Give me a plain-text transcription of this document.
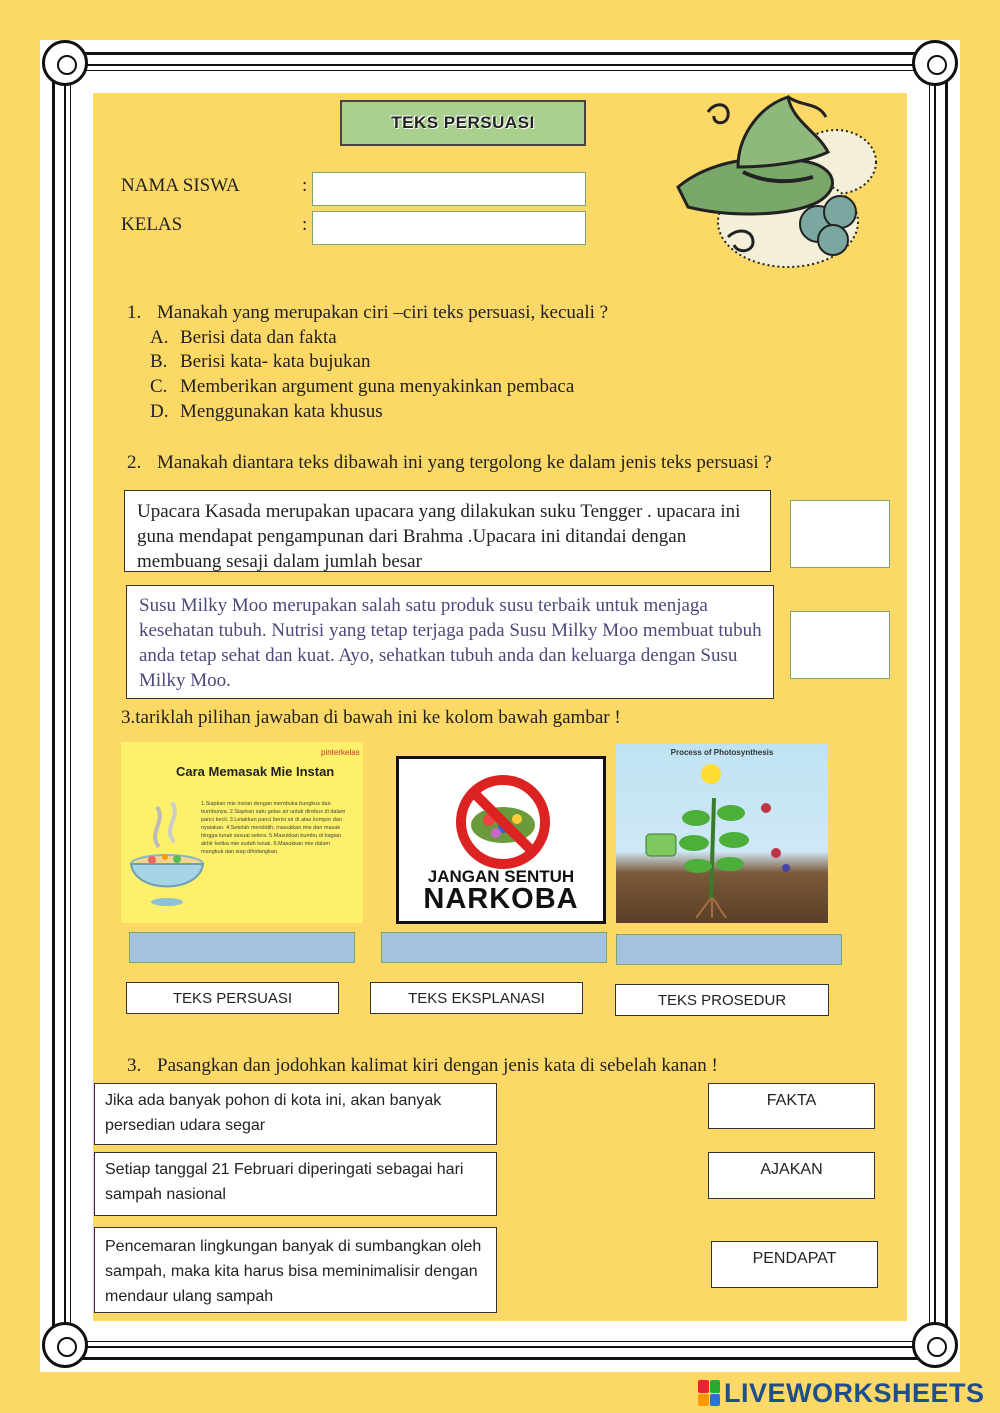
TEKS PERSUASI
NAMA SISWA	:
KELAS	:
1. Manakah yang merupakan ciri –ciri teks persuasi, kecuali ?
A. Berisi data dan fakta
B. Berisi kata- kata bujukan
C. Memberikan argument guna menyakinkan pembaca
D. Menggunakan kata khusus
2. Manakah diantara teks dibawah ini yang tergolong ke dalam jenis teks persuasi ?
Upacara Kasada merupakan upacara yang dilakukan suku Tengger . upacara ini guna mendapat pengampunan dari Brahma .Upacara ini ditandai dengan membuang sesaji dalam jumlah besar
Susu Milky Moo merupakan salah satu produk susu terbaik untuk menjaga kesehatan tubuh. Nutrisi yang tetap terjaga pada Susu Milky Moo membuat tubuh anda tetap sehat dan kuat. Ayo, sehatkan tubuh anda dan keluarga dengan Susu Milky Moo.
3.tariklah pilihan jawaban di bawah ini ke kolom bawah gambar !
pinterkelas
Cara Memasak Mie Instan
1.Siapkan mie instan dengan membuka bungkus dan bumbunya. 2.Siapkan satu gelas air untuk direbus di dalam panci kecil. 3.Letakkan panci berisi air di atas kompor dan nyalakan. 4.Setelah mendidih, masukkan mie dan masak hingga lunak sesuai selera. 5.Masukkan bumbu di bagian akhir ketika mie sudah lunak. 6.Masukkan mie dalam mangkuk dan siap dihidangkan.
JANGAN SENTUH
NARKOBA
Process of Photosynthesis
TEKS PERSUASI	TEKS EKSPLANASI	TEKS PROSEDUR
3. Pasangkan dan jodohkan kalimat kiri dengan jenis kata di sebelah kanan !
Jika ada banyak pohon di kota ini, akan banyak persedian udara segar
Setiap tanggal 21 Februari diperingati sebagai hari sampah nasional
Pencemaran lingkungan banyak di sumbangkan oleh sampah, maka kita harus bisa meminimalisir dengan mendaur ulang sampah
FAKTA
AJAKAN
PENDAPAT
LIVEWORKSHEETS
